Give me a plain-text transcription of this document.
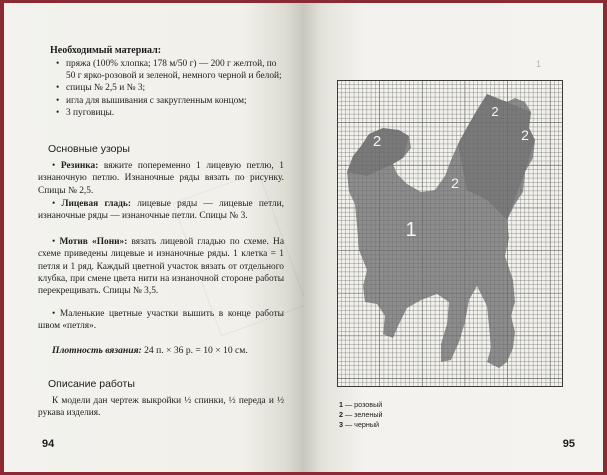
Необходимый материал:
• пряжа (100% хлопка; 178 м/50 г) — 200 г желтой, по 50 г ярко-розовой и зеленой, немного черной и белой;
• спицы № 2,5 и № 3;
• игла для вышивания с закругленным концом;
• 3 пуговицы.
Основные узоры
• Резинка: вяжите попеременно 1 лицевую петлю, 1 изнаночную петлю. Изнаночные ряды вязать по рисунку. Спицы № 2,5.
• Лицевая гладь: лицевые ряды — лицевые петли, изнаночные ряды — изнаночные петли. Спицы № 3.
• Мотив «Пони»: вязать лицевой гладью по схеме. На схеме приведены лицевые и изнаночные ряды. 1 клетка = 1 петля и 1 ряд. Каждый цветной участок вязать от отдельного клубка, при смене цвета нити на изнаночной стороне работы перекрещивать. Спицы № 3,5.
• Маленькие цветные участки вышить в конце работы швом «петля».
Плотность вязания: 24 п. × 36 р. = 10 × 10 см.
Описание работы
К модели дан чертеж выкройки ½ спинки, ½ переда и ½ рукава изделия.
94
1
2
2
2
2
1
1 — розовый
2 — зеленый
3 — черный
95
